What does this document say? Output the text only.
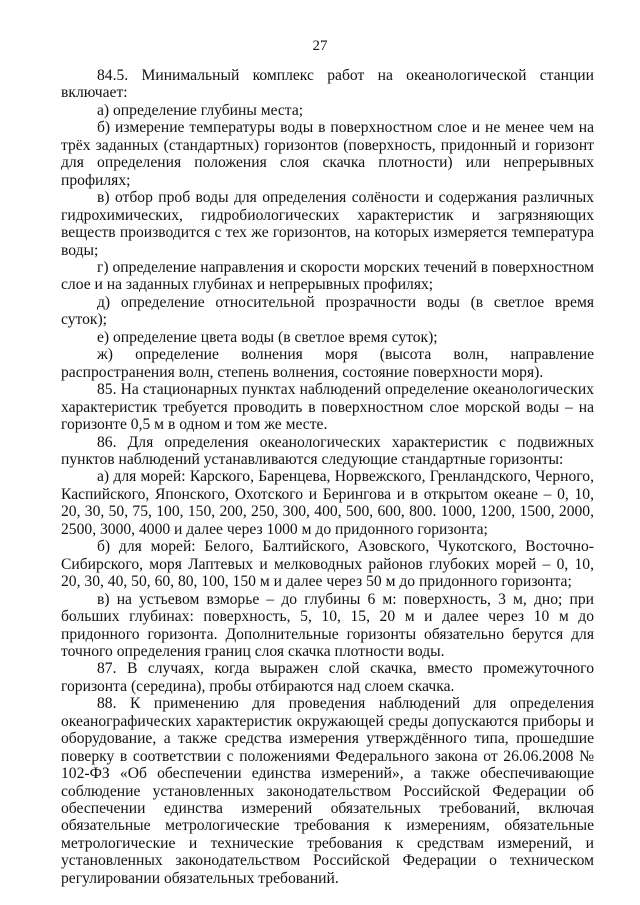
27

84.5. Минимальный комплекс работ на океанологической станции включает:

а) определение глубины места;

б) измерение температуры воды в поверхностном слое и не менее чем на трёх заданных (стандартных) горизонтов (поверхность, придонный и горизонт для определения положения слоя скачка плотности) или непрерывных профилях;

в) отбор проб воды для определения солёности и содержания различных гидрохимических, гидробиологических характеристик и загрязняющих веществ производится с тех же горизонтов, на которых измеряется температура воды;

г) определение направления и скорости морских течений в поверхностном слое и на заданных глубинах и непрерывных профилях;

д) определение относительной прозрачности воды (в светлое время суток);

е) определение цвета воды (в светлое время суток);

ж) определение волнения моря (высота волн, направление распространения волн, степень волнения, состояние поверхности моря).

85. На стационарных пунктах наблюдений определение океанологических характеристик требуется проводить в поверхностном слое морской воды – на горизонте 0,5 м в одном и том же месте.

86. Для определения океанологических характеристик с подвижных пунктов наблюдений устанавливаются следующие стандартные горизонты:

а) для морей: Карского, Баренцева, Норвежского, Гренландского, Черного, Каспийского, Японского, Охотского и Берингова и в открытом океане – 0, 10, 20, 30, 50, 75, 100, 150, 200, 250, 300, 400, 500, 600, 800. 1000, 1200, 1500, 2000, 2500, 3000, 4000 и далее через 1000 м до придонного горизонта;

б) для морей: Белого, Балтийского, Азовского, Чукотского, Восточно-Сибирского, моря Лаптевых и мелководных районов глубоких морей – 0, 10, 20, 30, 40, 50, 60, 80, 100, 150 м и далее через 50 м до придонного горизонта;

в) на устьевом взморье – до глубины 6 м: поверхность, 3 м, дно; при больших глубинах: поверхность, 5, 10, 15, 20 м и далее через 10 м до придонного горизонта. Дополнительные горизонты обязательно берутся для точного определения границ слоя скачка плотности воды.

87. В случаях, когда выражен слой скачка, вместо промежуточного горизонта (середина), пробы отбираются над слоем скачка.

88. К применению для проведения наблюдений для определения океанографических характеристик окружающей среды допускаются приборы и оборудование, а также средства измерения утверждённого типа, прошедшие поверку в соответствии с положениями Федерального закона от 26.06.2008 № 102-ФЗ «Об обеспечении единства измерений», а также обеспечивающие соблюдение установленных законодательством Российской Федерации об обеспечении единства измерений обязательных требований, включая обязательные метрологические требования к измерениям, обязательные метрологические и технические требования к средствам измерений, и установленных законодательством Российской Федерации о техническом регулировании обязательных требований.
